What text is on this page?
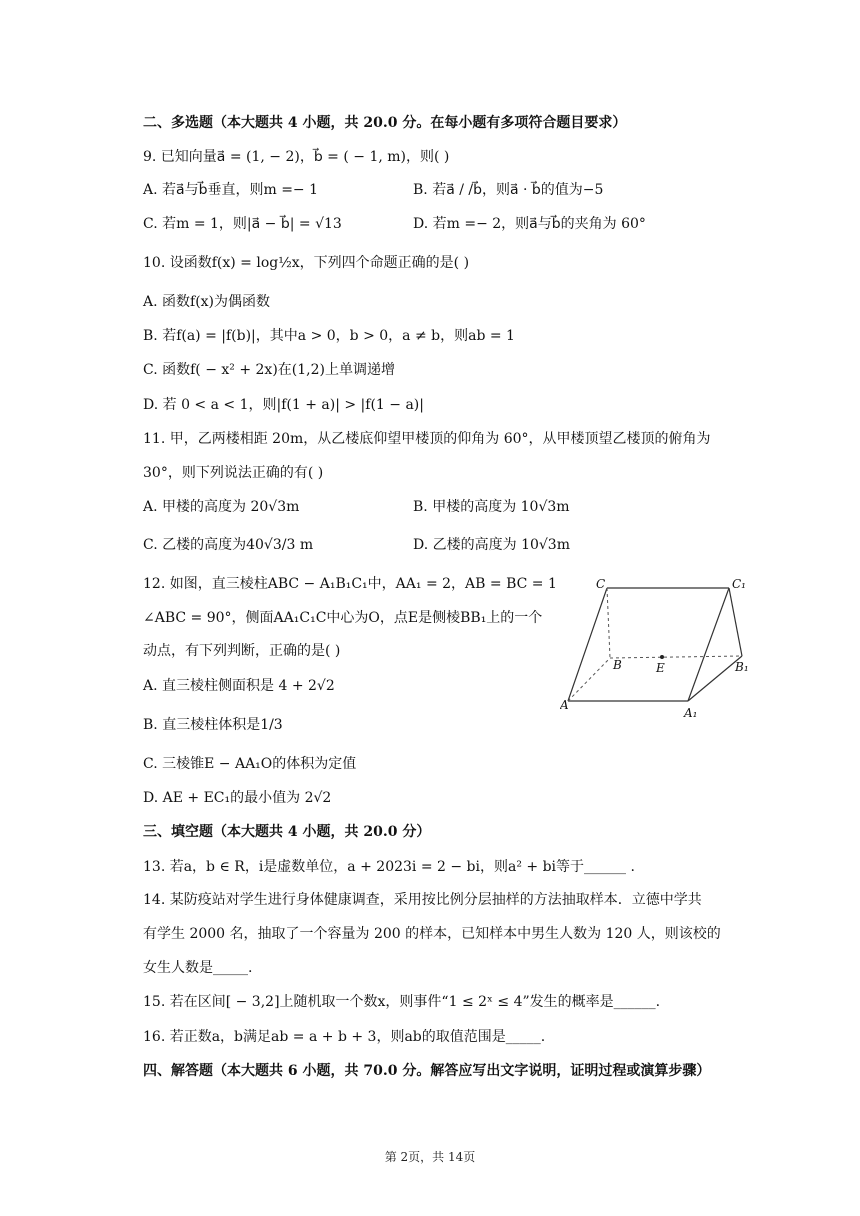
二、多选题（本大题共 4 小题，共 20.0 分。在每小题有多项符合题目要求）
9. 已知向量a⃗ = (1, − 2)，b⃗ = ( − 1, m)，则( )
A. 若a⃗与b⃗垂直，则m =− 1	B. 若a⃗ / /b⃗，则a⃗ · b⃗的值为−5
C. 若m = 1，则|a⃗ − b⃗| = √13	D. 若m =− 2，则a⃗与b⃗的夹角为 60°
10. 设函数f(x) = log½x，下列四个命题正确的是( )
A. 函数f(x)为偶函数
B. 若f(a) = |f(b)|，其中a > 0，b > 0，a ≠ b，则ab = 1
C. 函数f( − x² + 2x)在(1,2)上单调递增
D. 若 0 < a < 1，则|f(1 + a)| > |f(1 − a)|
11. 甲，乙两楼相距 20m，从乙楼底仰望甲楼顶的仰角为 60°，从甲楼顶望乙楼顶的俯角为
30°，则下列说法正确的有( )
A. 甲楼的高度为 20√3m	B. 甲楼的高度为 10√3m
C. 乙楼的高度为40√3/3 m	D. 乙楼的高度为 10√3m
12. 如图，直三棱柱ABC − A₁B₁C₁中，AA₁ = 2，AB = BC = 1
∠ABC = 90°，侧面AA₁C₁C中心为O，点E是侧棱BB₁上的一个
动点，有下列判断，正确的是( )
A. 直三棱柱侧面积是 4 + 2√2
B. 直三棱柱体积是1/3
C. 三棱锥E − AA₁O的体积为定值
D. AE + EC₁的最小值为 2√2
C	C₁
B	E	B₁
A
A₁
三、填空题（本大题共 4 小题，共 20.0 分）
13. 若a，b ∈ R，i是虚数单位，a + 2023i = 2 − bi，则a² + bi等于______ .
14. 某防疫站对学生进行身体健康调查，采用按比例分层抽样的方法抽取样本．立德中学共
有学生 2000 名，抽取了一个容量为 200 的样本，已知样本中男生人数为 120 人，则该校的
女生人数是_____.
15. 若在区间[ − 3,2]上随机取一个数x，则事件“1 ≤ 2ˣ ≤ 4”发生的概率是______.
16. 若正数a，b满足ab = a + b + 3，则ab的取值范围是_____.
四、解答题（本大题共 6 小题，共 70.0 分。解答应写出文字说明，证明过程或演算步骤）
第 2页，共 14页
